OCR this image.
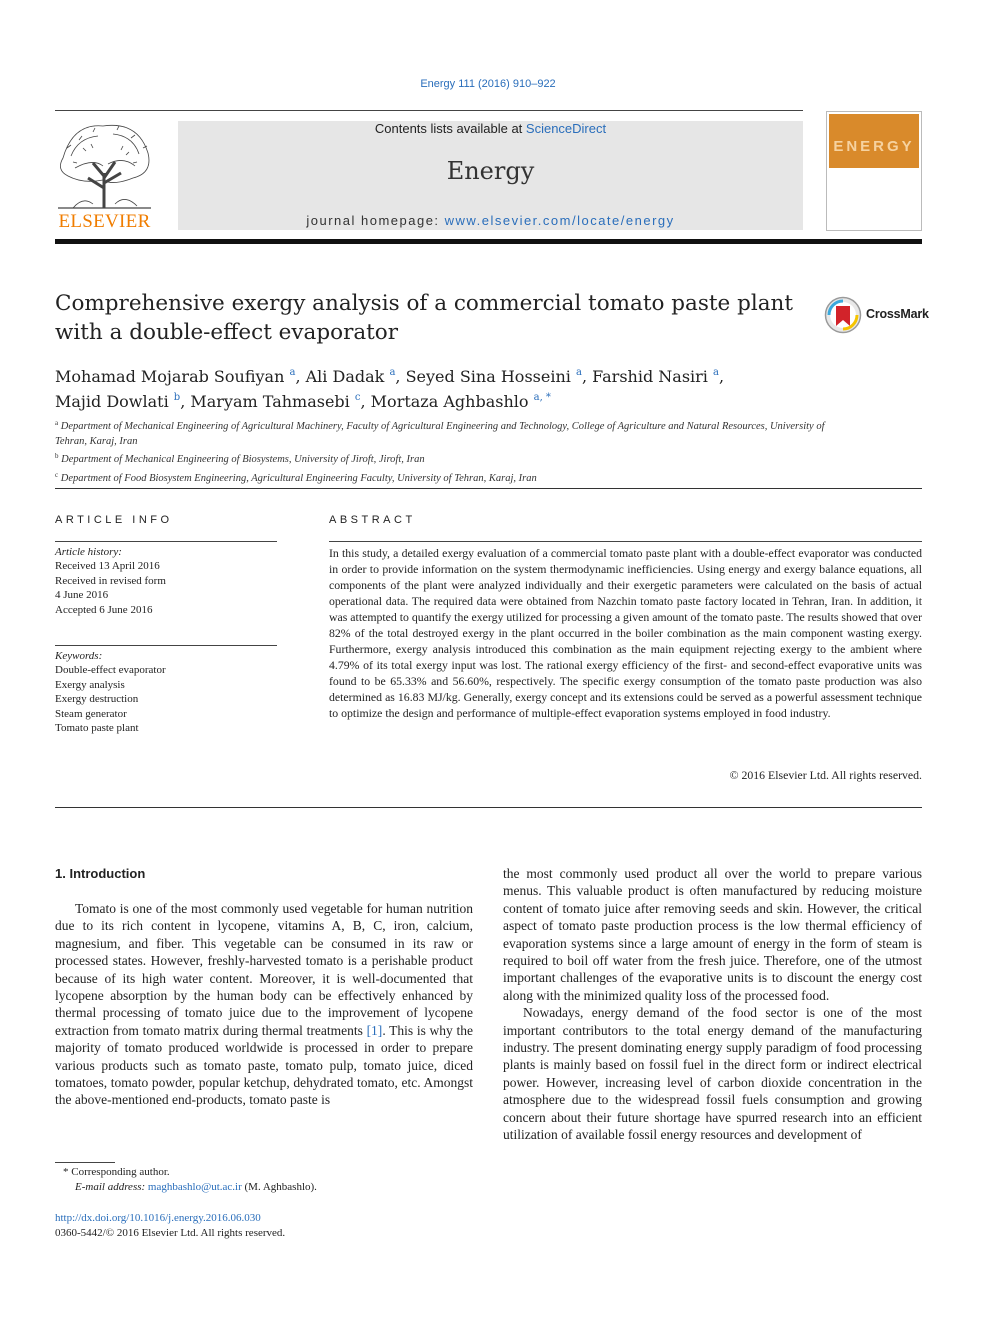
Energy 111 (2016) 910–922
ELSEVIER
Contents lists available at ScienceDirect
Energy
journal homepage: www.elsevier.com/locate/energy
ENERGY
Comprehensive exergy analysis of a commercial tomato paste plant with a double-effect evaporator
CrossMark
Mohamad Mojarab Soufiyan $^a$, Ali Dadak $^a$, Seyed Sina Hosseini $^a$, Farshid Nasiri $^a$,
Majid Dowlati $^b$, Maryam Tahmasebi $^c$, Mortaza Aghbashlo $^{a, *}$
$^a$ Department of Mechanical Engineering of Agricultural Machinery, Faculty of Agricultural Engineering and Technology, College of Agriculture and Natural Resources, University of Tehran, Karaj, Iran
$^b$ Department of Mechanical Engineering of Biosystems, University of Jiroft, Jiroft, Iran
$^c$ Department of Food Biosystem Engineering, Agricultural Engineering Faculty, University of Tehran, Karaj, Iran
ARTICLE INFO
Article history:
Received 13 April 2016
Received in revised form
4 June 2016
Accepted 6 June 2016
Keywords:
Double-effect evaporator
Exergy analysis
Exergy destruction
Steam generator
Tomato paste plant
ABSTRACT
In this study, a detailed exergy evaluation of a commercial tomato paste plant with a double-effect evaporator was conducted in order to provide information on the system thermodynamic inefficiencies. Using energy and exergy balance equations, all components of the plant were analyzed individually and their exergetic parameters were calculated on the basis of actual operational data. The required data were obtained from Nazchin tomato paste factory located in Tehran, Iran. In addition, it was attempted to quantify the exergy utilized for processing a given amount of the tomato paste. The results showed that over 82% of the total destroyed exergy in the plant occurred in the boiler combination as the main component wasting exergy. Furthermore, exergy analysis introduced this combination as the main equipment rejecting exergy to the ambient where 4.79% of its total exergy input was lost. The rational exergy efficiency of the first- and second-effect evaporative units was found to be 65.33% and 56.60%, respectively. The specific exergy consumption of the tomato paste production was also determined as 16.83 MJ/kg. Generally, exergy concept and its extensions could be served as a powerful assessment technique to optimize the design and performance of multiple-effect evaporation systems employed in food industry.
© 2016 Elsevier Ltd. All rights reserved.
1. Introduction

Tomato is one of the most commonly used vegetable for human nutrition due to its rich content in lycopene, vitamins A, B, C, iron, calcium, magnesium, and fiber. This vegetable can be consumed in its raw or processed states. However, freshly-harvested tomato is a perishable product because of its high water content. Moreover, it is well-documented that lycopene absorption by the human body can be effectively enhanced by thermal processing of tomato juice due to the improvement of lycopene extraction from tomato matrix during thermal treatments [1]. This is why the majority of tomato produced worldwide is processed in order to prepare various products such as tomato paste, tomato pulp, tomato juice, diced tomatoes, tomato powder, popular ketchup, dehydrated tomato, etc. Amongst the above-mentioned end-products, tomato paste is

the most commonly used product all over the world to prepare various menus. This valuable product is often manufactured by reducing moisture content of tomato juice after removing seeds and skin. However, the critical aspect of tomato paste production process is the low thermal efficiency of evaporation systems since a large amount of energy in the form of steam is required to boil off water from the fresh juice. Therefore, one of the utmost important challenges of the evaporative units is to discount the energy cost along with the minimized quality loss of the processed food.

Nowadays, energy demand of the food sector is one of the most important contributors to the total energy demand of the manufacturing industry. The present dominating energy supply paradigm of food processing plants is mainly based on fossil fuel in the direct form or indirect electrical power. However, increasing level of carbon dioxide concentration in the atmosphere due to the widespread fossil fuels consumption and growing concern about their future shortage have spurred research into an efficient utilization of available fossil energy resources and development of

* Corresponding author.
E-mail address: maghbashlo@ut.ac.ir (M. Aghbashlo).
http://dx.doi.org/10.1016/j.energy.2016.06.030
0360-5442/© 2016 Elsevier Ltd. All rights reserved.
